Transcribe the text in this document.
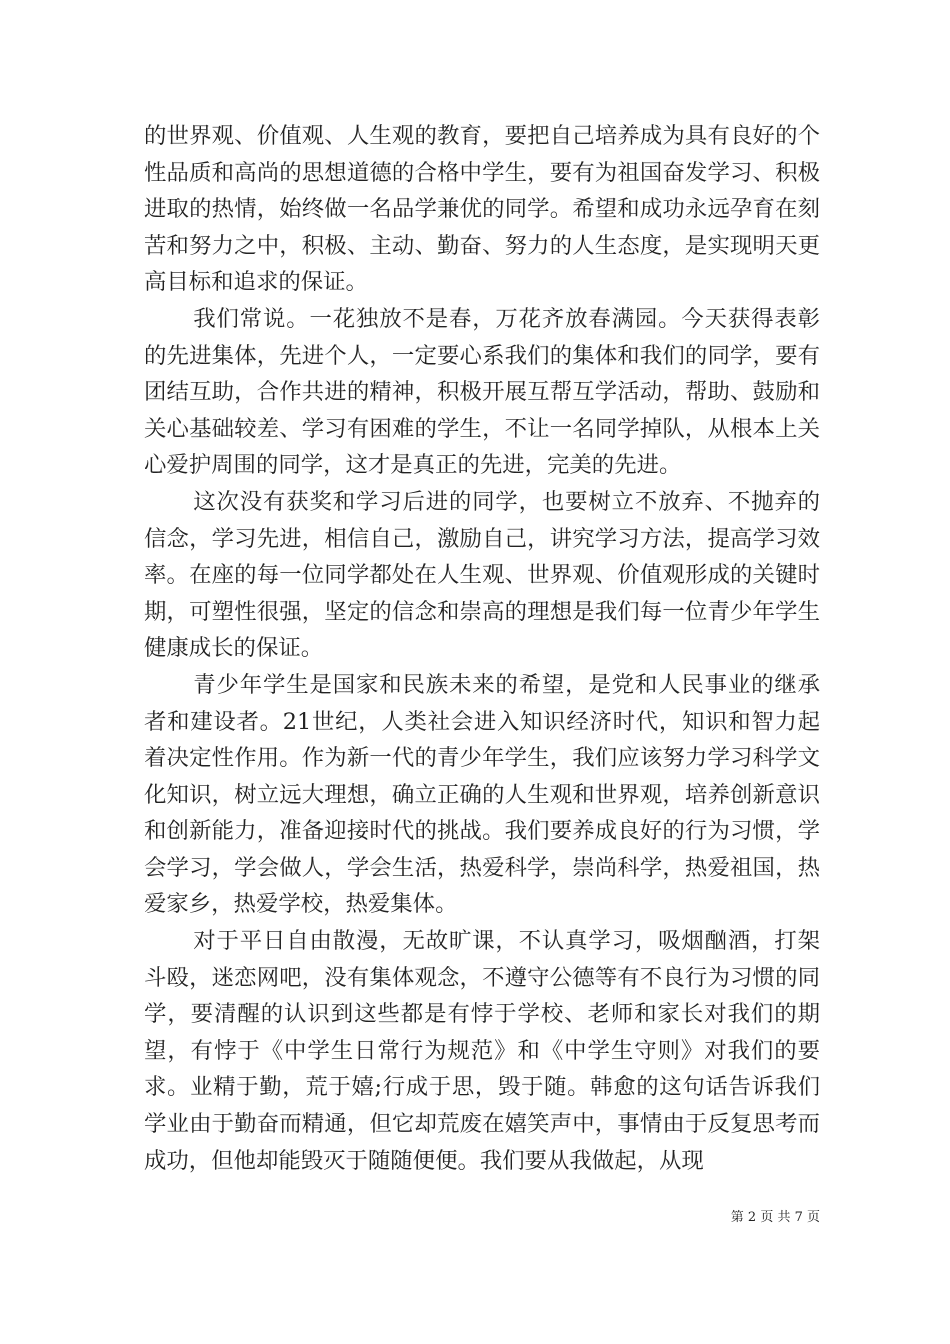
的世界观、价值观、人生观的教育，要把自己培养成为具有良好的个性品质和高尚的思想道德的合格中学生，要有为祖国奋发学习、积极进取的热情，始终做一名品学兼优的同学。希望和成功永远孕育在刻苦和努力之中，积极、主动、勤奋、努力的人生态度，是实现明天更高目标和追求的保证。

我们常说。一花独放不是春，万花齐放春满园。今天获得表彰的先进集体，先进个人，一定要心系我们的集体和我们的同学，要有团结互助，合作共进的精神，积极开展互帮互学活动，帮助、鼓励和关心基础较差、学习有困难的学生，不让一名同学掉队，从根本上关心爱护周围的同学，这才是真正的先进，完美的先进。

这次没有获奖和学习后进的同学，也要树立不放弃、不抛弃的信念，学习先进，相信自己，激励自己，讲究学习方法，提高学习效率。在座的每一位同学都处在人生观、世界观、价值观形成的关键时期，可塑性很强，坚定的信念和崇高的理想是我们每一位青少年学生健康成长的保证。

青少年学生是国家和民族未来的希望，是党和人民事业的继承者和建设者。21世纪，人类社会进入知识经济时代，知识和智力起着决定性作用。作为新一代的青少年学生，我们应该努力学习科学文化知识，树立远大理想，确立正确的人生观和世界观，培养创新意识和创新能力，准备迎接时代的挑战。我们要养成良好的行为习惯，学会学习，学会做人，学会生活，热爱科学，崇尚科学，热爱祖国，热爱家乡，热爱学校，热爱集体。

对于平日自由散漫，无故旷课，不认真学习，吸烟酗酒，打架斗殴，迷恋网吧，没有集体观念，不遵守公德等有不良行为习惯的同学，要清醒的认识到这些都是有悖于学校、老师和家长对我们的期望，有悖于《中学生日常行为规范》和《中学生守则》对我们的要求。业精于勤，荒于嬉;行成于思，毁于随。韩愈的这句话告诉我们学业由于勤奋而精通，但它却荒废在嬉笑声中，事情由于反复思考而成功，但他却能毁灭于随随便便。我们要从我做起，从现

第 2 页 共 7 页
